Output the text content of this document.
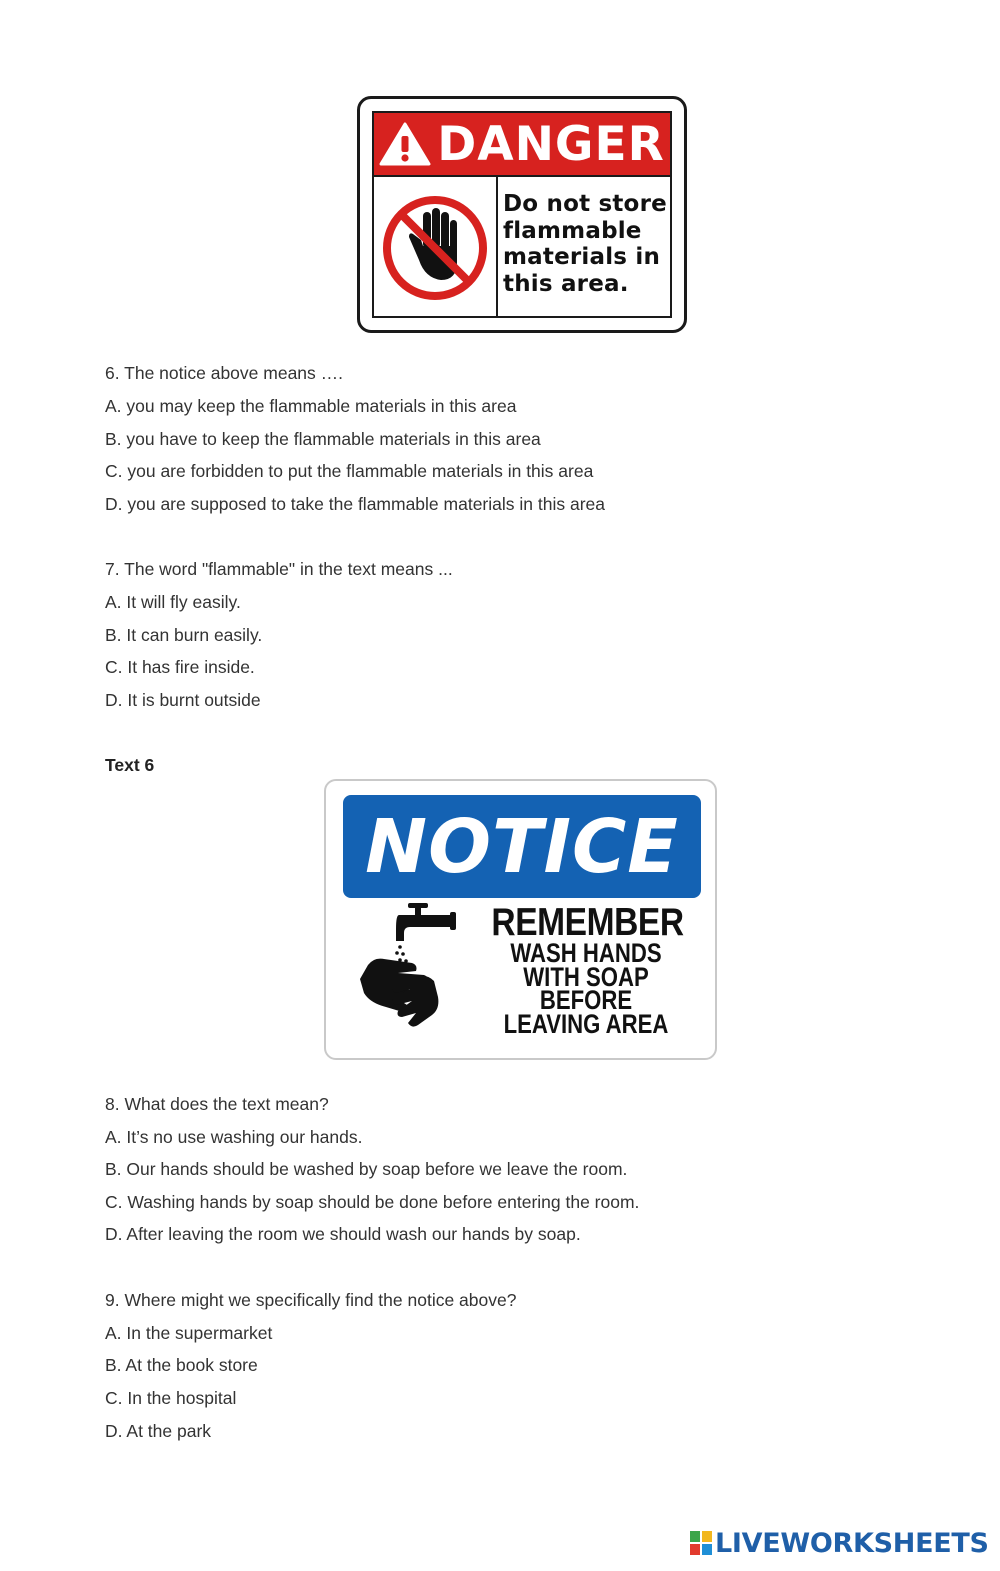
DANGER
Do not store
flammable
materials in
this area.
6. The notice above means ….
A. you may keep the flammable materials in this area
B. you have to keep the flammable materials in this area
C. you are forbidden to put the flammable materials in this area
D. you are supposed to take the flammable materials in this area
7. The word "flammable" in the text means ...
A. It will fly easily.
B. It can burn easily.
C. It has fire inside.
D. It is burnt outside
Text 6
NOTICE
REMEMBER
WASH HANDS
WITH SOAP
BEFORE
LEAVING AREA
8. What does the text mean?
A. It’s no use washing our hands.
B. Our hands should be washed by soap before we leave the room.
C. Washing hands by soap should be done before entering the room.
D. After leaving the room we should wash our hands by soap.
9. Where might we specifically find the notice above?
A. In the supermarket
B. At the book store
C. In the hospital
D. At the park
LIVEWORKSHEETS
